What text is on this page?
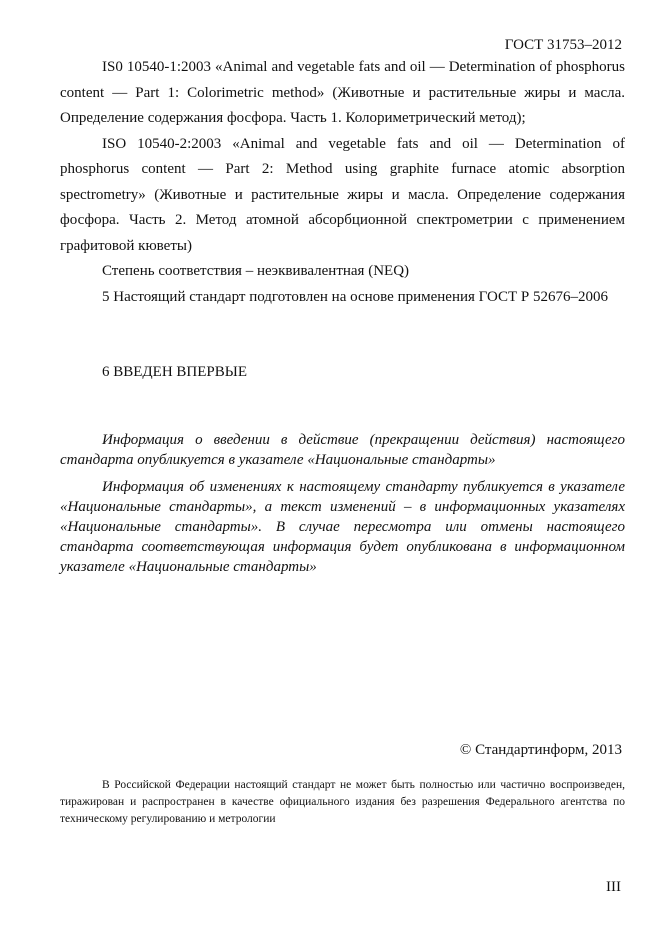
ГОСТ 31753–2012

IS0 10540-1:2003 «Animal and vegetable fats and oil — Determination of phosphorus content — Part 1: Colorimetric method» (Животные и растительные жиры и масла. Определение содержания фосфора. Часть 1. Колориметрический метод);

ISO 10540-2:2003 «Animal and vegetable fats and oil — Determination of phosphorus content — Part 2: Method using graphite furnace atomic absorption spectrometry» (Животные и растительные жиры и масла. Определение содержания фосфора. Часть 2. Метод атомной абсорбционной спектрометрии с применением графитовой кюветы)

Степень соответствия – неэквивалентная (NEQ)

5 Настоящий стандарт подготовлен на основе применения ГОСТ Р 52676–2006

6 ВВЕДЕН ВПЕРВЫЕ

Информация о введении в действие (прекращении действия) настоящего стандарта опубликуется в указателе «Национальные стандарты»

Информация об изменениях к настоящему стандарту публикуется в указателе «Национальные стандарты», а текст изменений – в информационных указателях «Национальные стандарты». В случае пересмотра или отмены настоящего стандарта соответствующая информация будет опубликована в информационном указателе «Национальные стандарты»

© Стандартинформ, 2013

В Российской Федерации настоящий стандарт не может быть полностью или частично воспроизведен, тиражирован и распространен в качестве официального издания без разрешения Федерального агентства по техническому регулированию и метрологии

III
